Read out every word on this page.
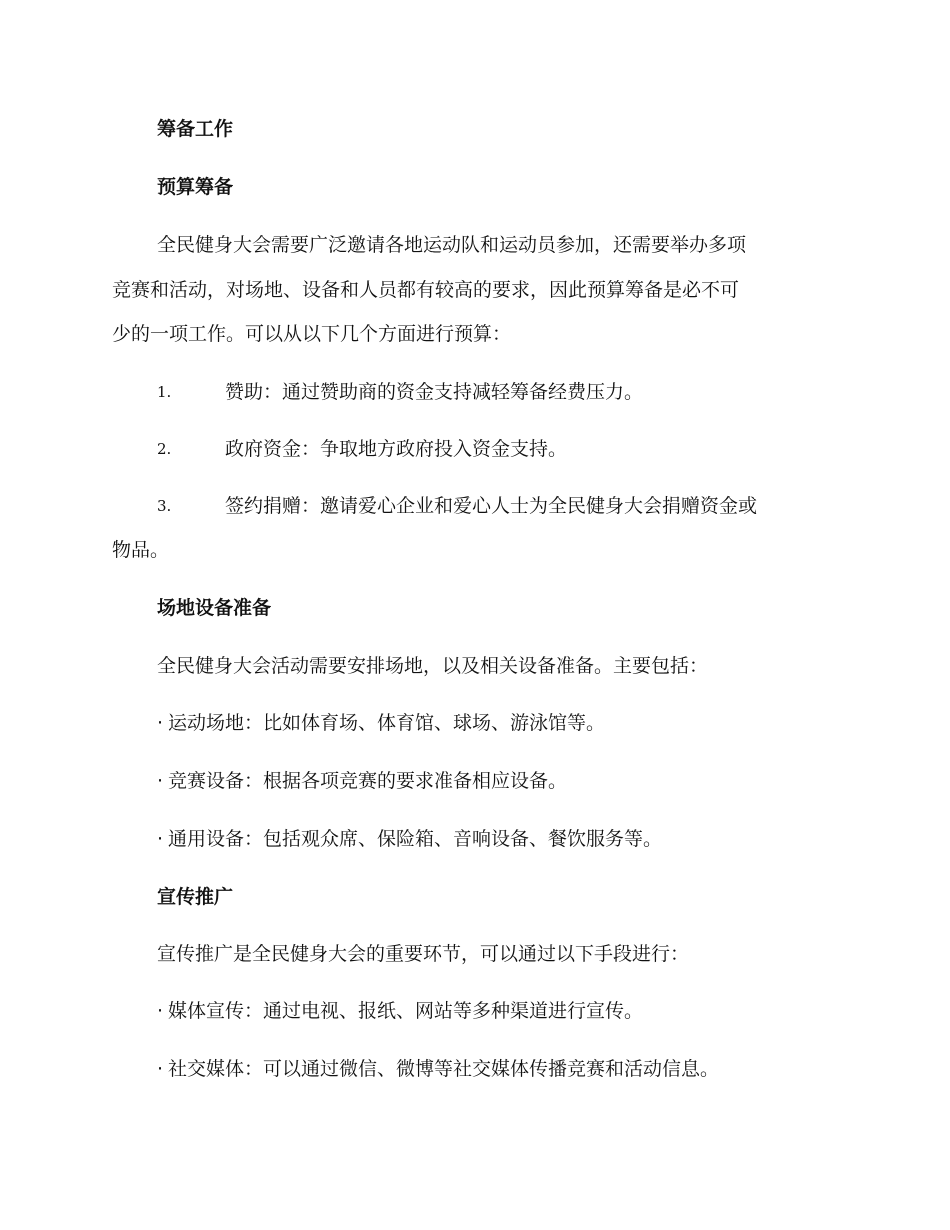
筹备工作
预算筹备
全民健身大会需要广泛邀请各地运动队和运动员参加，还需要举办多项
竞赛和活动，对场地、设备和人员都有较高的要求，因此预算筹备是必不可
少的一项工作。可以从以下几个方面进行预算：
1.	赞助：通过赞助商的资金支持减轻筹备经费压力。
2.	政府资金：争取地方政府投入资金支持。
3.	签约捐赠：邀请爱心企业和爱心人士为全民健身大会捐赠资金或
物品。
场地设备准备
全民健身大会活动需要安排场地，以及相关设备准备。主要包括：
· 运动场地：比如体育场、体育馆、球场、游泳馆等。
· 竞赛设备：根据各项竞赛的要求准备相应设备。
· 通用设备：包括观众席、保险箱、音响设备、餐饮服务等。
宣传推广
宣传推广是全民健身大会的重要环节，可以通过以下手段进行：
· 媒体宣传：通过电视、报纸、网站等多种渠道进行宣传。
· 社交媒体：可以通过微信、微博等社交媒体传播竞赛和活动信息。
